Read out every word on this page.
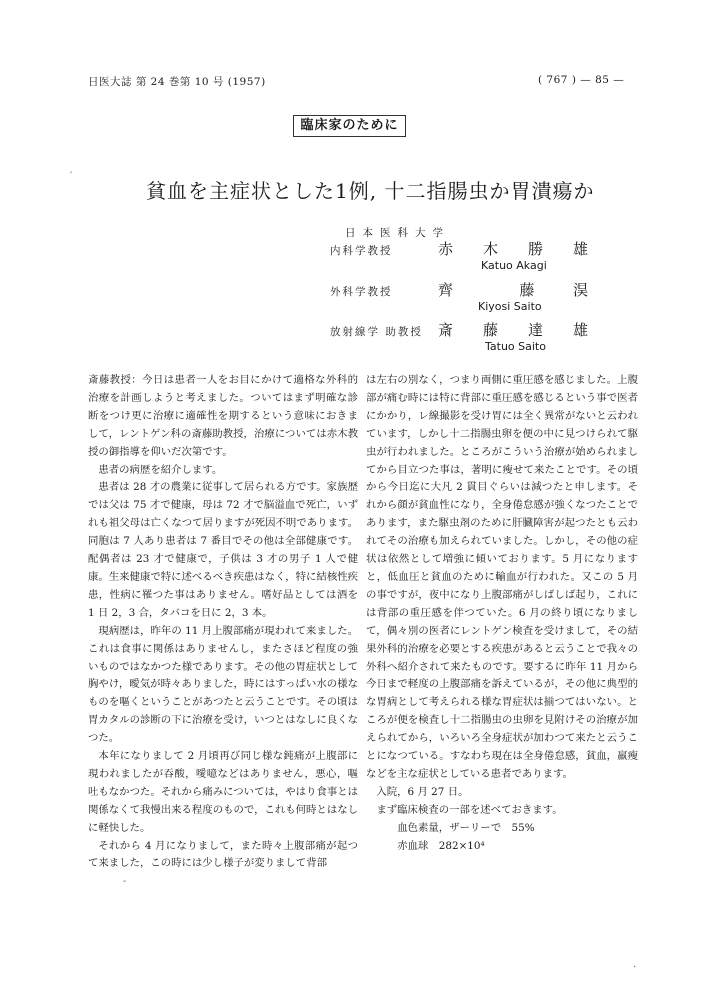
日医大誌 第 24 巻第 10 号 (1957)	( 767 ) — 85 —
臨床家のために
貧血を主症状とした1例, 十二指腸虫か胃潰瘍か
日本医科大学
内科学教授	赤 木 勝 雄
Katuo Akagi
外科学教授	齊	藤	淏
Kiyosi Saito
放射線学 助教授 斎 藤 達 雄
Tatuo Saito

斎藤教授：今日は患者一人をお目にかけて適格な外科的治療を計画しようと考えました。ついてはまず明確な診断をつけ更に治療に適確性を期するという意味におきまして，レントゲン科の斎藤助教授，治療については赤木教授の御指導を仰いだ次第です。

患者の病歴を紹介します。

患者は 28 才の農業に従事して居られる方です。家族歴では父は 75 才で健康，母は 72 才で脳溢血で死亡，いずれも祖父母は亡くなつて居りますが死因不明であります。同胞は 7 人あり患者は 7 番目でその他は全部健康です。配偶者は 23 才で健康で，子供は 3 才の男子 1 人で健康。生来健康で特に述べるべき疾患はなく，特に結核性疾患，性病に罹つた事はありません。嗜好品としては酒を 1 日 2，3 合，タバコを日に 2，3 本。

現病歴は，昨年の 11 月上腹部痛が現われて来ました。これは食事に関係はありませんし，またさほど程度の強いものではなかつた様であります。その他の胃症状として胸やけ，曖気が時々ありました，時にはすっぱい水の様なものを嘔くということがあつたと云うことです。その頃は胃カタルの診断の下に治療を受け，いつとはなしに良くなつた。

本年になりまして 2 月頃再び同じ様な鈍痛が上腹部に現われましたが吞酸，噯噫などはありません，悪心，嘔吐もなかつた。それから痛みについては，やはり食事とは関係なくて我慢出来る程度のもので，これも何時とはなしに軽快した。

それから 4 月になりまして，また時々上腹部痛が起つて来ました，この時には少し様子が変りまして背部

は左右の別なく，つまり両側に重圧感を感じました。上腹部が痛む時には特に背部に重圧感を感じるという事で医者にかかり，レ線撮影を受け胃には全く異常がないと云われています，しかし十二指腸虫卵を便の中に見つけられて駆虫が行われました。ところがこういう治療が始められましてから目立つた事は，著明に瘦せて来たことです。その頃から今日迄に大凡 2 貫目ぐらいは減つたと申します。それから顔が貧血性になり，全身倦怠感が強くなつたことであります，また駆虫剤のために肝臓障害が起つたとも云われてその治療も加えられていました。しかし，その他の症状は依然として増強に傾いております。5 月になりますと，低血圧と貧血のために輸血が行われた。又この 5 月の事ですが，夜中になり上腹部痛がしばしば起り，これには背部の重圧感を伴つていた。6 月の終り頃になりまして，偶々別の医者にレントゲン検査を受けまして，その結果外科的治療を必要とする疾患があると云うことで我々の外科へ紹介されて来たものです。要するに昨年 11 月から今日まで軽度の上腹部痛を訴えているが，その他に典型的な胃病として考えられる様な胃症状は揃つてはいない。ところが便を検査し十二指腸虫の虫卵を見附けその治療が加えられてから，いろいろ全身症状が加わつて来たと云うことになつている。すなわち現在は全身倦怠感，貧血，羸瘦などを主な症状としている患者であります。

入院，6 月 27 日。

まず臨床検査の一部を述べておきます。

血色素量，ザーリーで　55%

赤血球　282×10⁴

ˊ
-
·
